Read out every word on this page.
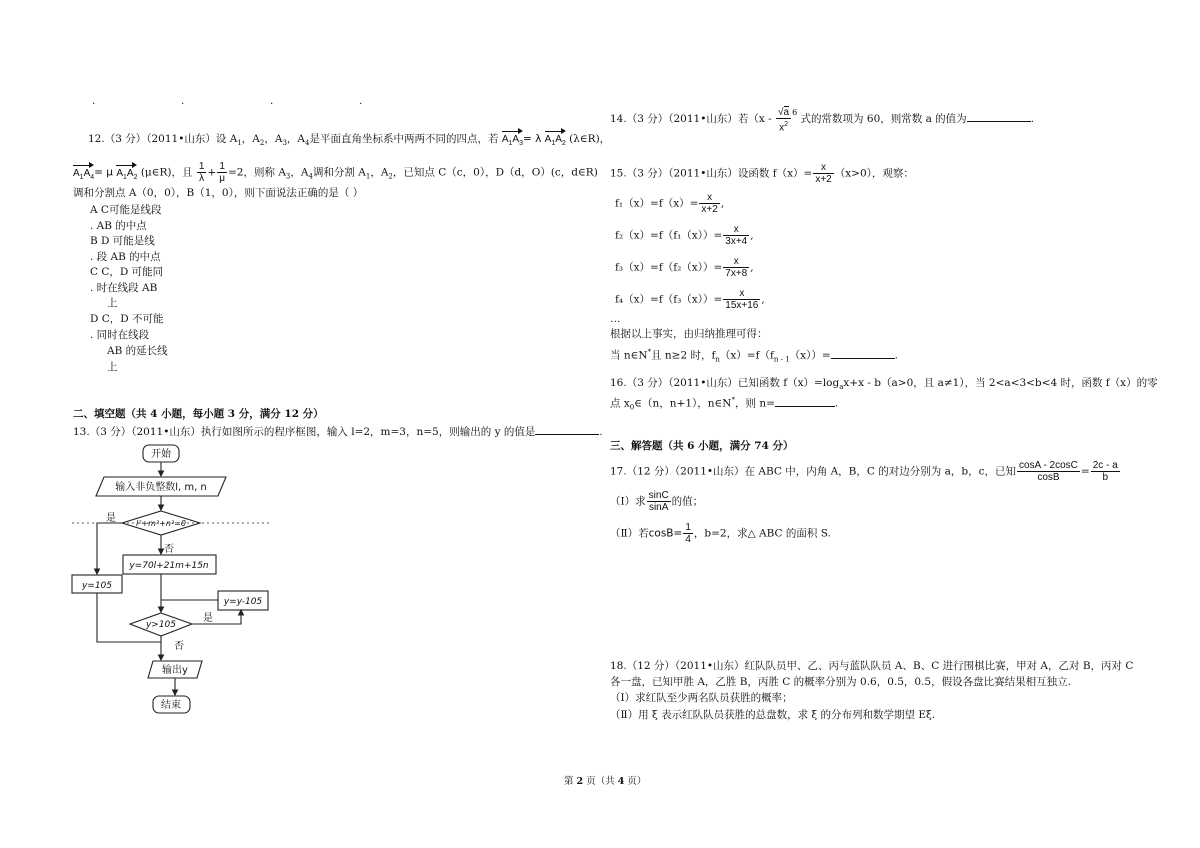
.	.	.	.
12.（3 分）（2011•山东）设 $A_1$，$A_2$，$A_3$，$A_4$是平面直角坐标系中两两不同的四点，若 $A_1A_3= \lambda$ $A_1A_2$ (λ∈R)，
$A_1A_4= \mu$ $A_1A_2$ (μ∈R)，且 $\frac{1}{\lambda} + \frac{1}{\mu} =2$，则称 $A_3$，$A_4$调和分割 $A_1$，$A_2$，已知点 C（c，0），D（d，O）(c，d∈R)
调和分割点 A（0，0），B（1，0），则下面说法正确的是（ ）
A C可能是线段
. AB 的中点
B D 可能是线
. 段 AB 的中点
C C，D 可能同
. 时在线段 AB
上
D C，D 不可能
. 同时在线段
AB 的延长线
上
二、填空题（共 4 小题，每小题 3 分，满分 12 分）
13.（3 分）（2011•山东）执行如图所示的程序框图，输入 l=2，m=3，n=5，则输出的 y 的值是	.
开始
输入非负整数l, m, n
l²+m²+n²=0
是
否
y=70l+21m+15n
y=105
y=y-105
y>105
是
否
输出y
结束
14.（3 分）（2011•山东）若（$x - \frac{√a}{x^2} ^6$ 式的常数项为 60，则常数 a 的值为	.
15.（3 分）（2011•山东）设函数 $f(x)= \frac{x}{x+2} (x>0)$，观察：
$f_1(x)=f(x)= \frac{x}{x+2}$ ,
$f_2(x)=f(f_1(x))= \frac{x}{3x+4}$ ,
$f_3(x)=f(f_2(x))= \frac{x}{7x+8}$ ,
$f_4(x)=f(f_3(x))= \frac{x}{15x+16}$ ,
…
根据以上事实，由归纳推理可得：
当 n∈N*且 n≥2 时，$f_n(x)=f(f_{n - 1}(x))=$	.
16.（3 分）（2011•山东）已知函数 $f(x)=\log_ax+x - b(a>0$，且 a≠1），当 2<a<3<b<4 时，函数 f（x）的零
点 $x_0\in(n$，n+1），n∈N*，则 n=	.
三、解答题（共 6 小题，满分 74 分）
17.（12 分）（2011•山东）在 ABC 中，内角 A，B，C 的对边分别为 a，b，c，已知 $\frac{\cos A - 2\cos C}{\cos B} = \frac{2c - a}{b}$
（Ⅰ）求 $\frac{\sin C}{\sin A}$ 的值；
（Ⅱ）若$\cos B= \frac{1}{4}$ ，b=2，求△ ABC 的面积 S.
18.（12 分）（2011•山东）红队队员甲、乙、丙与蓝队队员 A、B、C 进行围棋比赛，甲对 A，乙对 B，丙对 C
各一盘，已知甲胜 A，乙胜 B，丙胜 C 的概率分别为 0.6，0.5，0.5，假设各盘比赛结果相互独立.
（Ⅰ）求红队至少两名队员获胜的概率；
（Ⅱ）用 ξ 表示红队队员获胜的总盘数，求 ξ 的分布列和数学期望 Eξ.
第 2 页（共 4 页）
